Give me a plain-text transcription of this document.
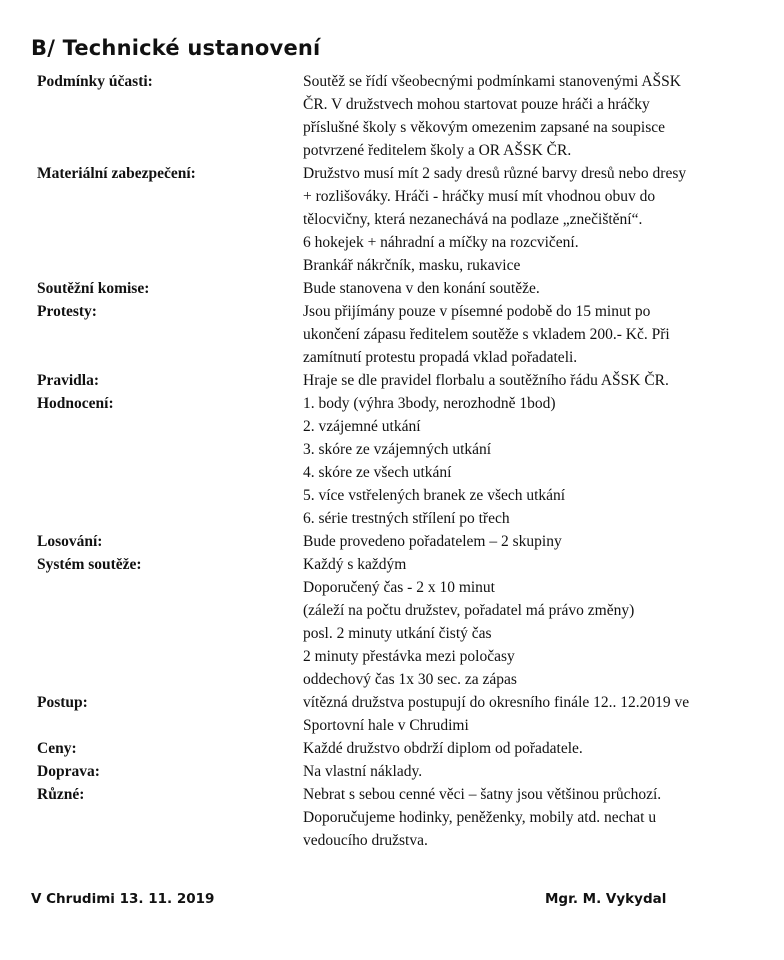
B/ Technické ustanovení
Podmínky účasti:	Soutěž se řídí všeobecnými podmínkami stanovenými AŠSK
ČR. V družstvech mohou startovat pouze hráči a hráčky
příslušné školy s věkovým omezenim zapsané na soupisce
potvrzené ředitelem školy a OR AŠSK ČR.
Materiální zabezpečení:	Družstvo musí mít 2 sady dresů různé barvy dresů nebo dresy
+ rozlišováky. Hráči - hráčky musí mít vhodnou obuv do
tělocvičny, která nezanechává na podlaze „znečištění“.
6 hokejek + náhradní a míčky na rozcvičení.
Brankář nákrčník, masku, rukavice
Soutěžní komise:	Bude stanovena v den konání soutěže.
Protesty:	Jsou přijímány pouze v písemné podobě do 15 minut po
ukončení zápasu ředitelem soutěže s vkladem 200.- Kč. Při
zamítnutí protestu propadá vklad pořadateli.
Pravidla:	Hraje se dle pravidel florbalu a soutěžního řádu AŠSK ČR.
Hodnocení:	1. body (výhra 3body, nerozhodně 1bod)
2. vzájemné utkání
3. skóre ze vzájemných utkání
4. skóre ze všech utkání
5. více vstřelených branek ze všech utkání
6. série trestných střílení po třech
Losování:	Bude provedeno pořadatelem – 2 skupiny
Systém soutěže:	Každý s každým
Doporučený čas - 2 x 10 minut
(záleží na počtu družstev, pořadatel má právo změny)
posl. 2 minuty utkání čistý čas
2 minuty přestávka mezi poločasy
oddechový čas 1x 30 sec. za zápas
Postup:	vítězná družstva postupují do okresního finále 12.. 12.2019 ve
Sportovní hale v Chrudimi
Ceny:	Každé družstvo obdrží diplom od pořadatele.
Doprava:	Na vlastní náklady.
Různé:	Nebrat s sebou cenné věci – šatny jsou většinou průchozí.
Doporučujeme hodinky, peněženky, mobily atd. nechat u
vedoucího družstva.
V Chrudimi 13. 11. 2019	Mgr. M. Vykydal
